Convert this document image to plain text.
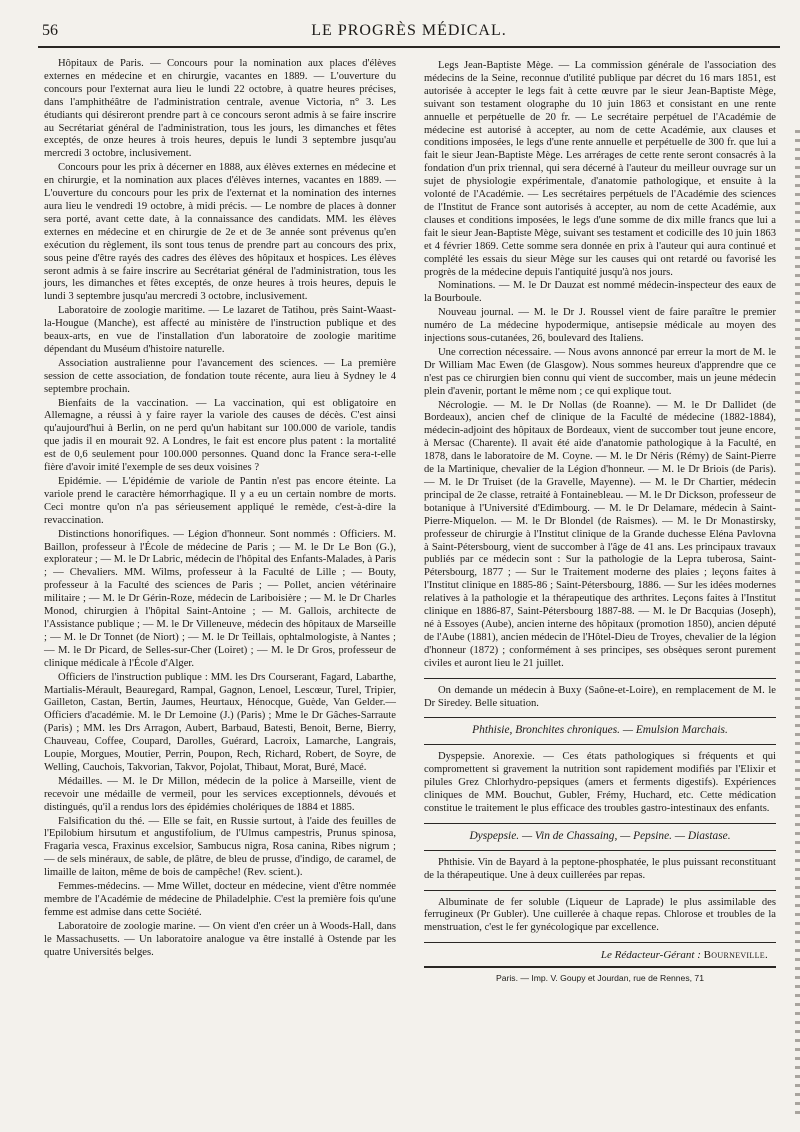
56	LE PROGRÈS MÉDICAL.

Hôpitaux de Paris. — Concours pour la nomination aux places d'élèves externes en médecine et en chirurgie, vacantes en 1889. — L'ouverture du concours pour l'externat aura lieu le lundi 22 octobre, à quatre heures précises, dans l'amphithéâtre de l'administration centrale, avenue Victoria, n° 3. Les étudiants qui désireront prendre part à ce concours seront admis à se faire inscrire au Secrétariat général de l'administration, tous les jours, les dimanches et fêtes exceptés, de onze heures à trois heures, depuis le lundi 3 septembre jusqu'au mercredi 3 octobre, inclusivement.

Concours pour les prix à décerner en 1888, aux élèves externes en médecine et en chirurgie, et la nomination aux places d'élèves internes, vacantes en 1889. — L'ouverture du concours pour les prix de l'externat et la nomination des internes aura lieu le vendredi 19 octobre, à midi précis. — Le nombre de places à donner sera porté, avant cette date, à la connaissance des candidats. MM. les élèves externes en médecine et en chirurgie de 2e et de 3e année sont prévenus qu'en exécution du règlement, ils sont tous tenus de prendre part au concours des prix, sous peine d'être rayés des cadres des élèves des hôpitaux et hospices. Les élèves seront admis à se faire inscrire au Secrétariat général de l'administration, tous les jours, les dimanches et fêtes exceptés, de onze heures à trois heures, depuis le lundi 3 septembre jusqu'au mercredi 3 octobre, inclusivement.

Laboratoire de zoologie maritime. — Le lazaret de Tatihou, près Saint-Waast-la-Hougue (Manche), est affecté au ministère de l'instruction publique et des beaux-arts, en vue de l'installation d'un laboratoire de zoologie maritime dépendant du Muséum d'histoire naturelle.

Association australienne pour l'avancement des sciences. — La première session de cette association, de fondation toute récente, aura lieu à Sydney le 4 septembre prochain.

Bienfaits de la vaccination. — La vaccination, qui est obligatoire en Allemagne, a réussi à y faire rayer la variole des causes de décès. C'est ainsi qu'aujourd'hui à Berlin, on ne perd qu'un habitant sur 100.000 de variole, tandis que jadis il en mourait 92. A Londres, le fait est encore plus patent : la mortalité est de 0,6 seulement pour 100.000 personnes. Quand donc la France sera-t-elle fière d'avoir imité l'exemple de ses deux voisines ?

Epidémie. — L'épidémie de variole de Pantin n'est pas encore éteinte. La variole prend le caractère hémorrhagique. Il y a eu un certain nombre de morts. Ceci montre qu'on n'a pas sérieusement appliqué le remède, c'est-à-dire la revaccination.

Distinctions honorifiques. — Légion d'honneur. Sont nommés : Officiers. M. Baillon, professeur à l'École de médecine de Paris ; — M. le Dr Le Bon (G.), explorateur ; — M. le Dr Labric, médecin de l'hôpital des Enfants-Malades, à Paris ; — Chevaliers. MM. Wilms, professeur à la Faculté de Lille ; — Bouty, professeur à la Faculté des sciences de Paris ; — Pollet, ancien vétérinaire militaire ; — M. le Dr Gérin-Roze, médecin de Lariboisière ; — M. le Dr Charles Monod, chirurgien à l'hôpital Saint-Antoine ; — M. Gallois, architecte de l'Assistance publique ; — M. le Dr Villeneuve, médecin des hôpitaux de Marseille ; — M. le Dr Tonnet (de Niort) ; — M. le Dr Teillais, ophtalmologiste, à Nantes ; — M. le Dr Picard, de Selles-sur-Cher (Loiret) ; — M. le Dr Gros, professeur de clinique médicale à l'École d'Alger.

Officiers de l'instruction publique : MM. les Drs Courserant, Fagard, Labarthe, Martialis-Mérault, Beauregard, Rampal, Gagnon, Lenoel, Lescœur, Turel, Tripier, Gailleton, Castan, Bertin, Jaumes, Heurtaux, Hénocque, Guède, Van Gelder.— Officiers d'académie. M. le Dr Lemoine (J.) (Paris) ; Mme le Dr Gâches-Sarraute (Paris) ; MM. les Drs Arragon, Aubert, Barbaud, Batesti, Benoit, Berne, Bierry, Chauveau, Coffee, Coupard, Darolles, Guérard, Lacroix, Lamarche, Langrais, Loupie, Morgues, Moutier, Perrin, Poupon, Rech, Richard, Robert, de Soyre, de Welling, Cauchois, Takvorian, Takvor, Pojolat, Thibaut, Morat, Buré, Macé.

Médailles. — M. le Dr Millon, médecin de la police à Marseille, vient de recevoir une médaille de vermeil, pour les services exceptionnels, dévoués et distingués, qu'il a rendus lors des épidémies cholériques de 1884 et 1885.

Falsification du thé. — Elle se fait, en Russie surtout, à l'aide des feuilles de l'Epilobium hirsutum et angustifolium, de l'Ulmus campestris, Prunus spinosa, Fragaria vesca, Fraxinus excelsior, Sambucus nigra, Rosa canina, Ribes nigrum ; — de sels minéraux, de sable, de plâtre, de bleu de prusse, d'indigo, de caramel, de limaille de laiton, même de bois de campêche! (Rev. scient.).

Femmes-médecins. — Mme Willet, docteur en médecine, vient d'être nommée membre de l'Académie de médecine de Philadelphie. C'est la première fois qu'une femme est admise dans cette Société.

Laboratoire de zoologie marine. — On vient d'en créer un à Woods-Hall, dans le Massachusetts. — Un laboratoire analogue va être installé à Ostende par les quatre Universités belges.

Legs Jean-Baptiste Mège. — La commission générale de l'association des médecins de la Seine, reconnue d'utilité publique par décret du 16 mars 1851, est autorisée à accepter le legs fait à cette œuvre par le sieur Jean-Baptiste Mège, suivant son testament olographe du 10 juin 1863 et consistant en une rente annuelle et perpétuelle de 20 fr. — Le secrétaire perpétuel de l'Académie de médecine est autorisé à accepter, au nom de cette Académie, aux clauses et conditions imposées, le legs d'une rente annuelle et perpétuelle de 300 fr. que lui a fait le sieur Jean-Baptiste Mège. Les arrérages de cette rente seront consacrés à la fondation d'un prix triennal, qui sera décerné à l'auteur du meilleur ouvrage sur un sujet de physiologie expérimentale, d'anatomie pathologique, et ensuite à la volonté de l'Académie. — Les secrétaires perpétuels de l'Académie des sciences de l'Institut de France sont autorisés à accepter, au nom de cette Académie, aux clauses et conditions imposées, le legs d'une somme de dix mille francs que lui a fait le sieur Jean-Baptiste Mège, suivant ses testament et codicille des 10 juin 1863 et 4 février 1869. Cette somme sera donnée en prix à l'auteur qui aura continué et complété les essais du sieur Mège sur les causes qui ont retardé ou favorisé les progrès de la médecine depuis l'antiquité jusqu'à nos jours.

Nominations. — M. le Dr Dauzat est nommé médecin-inspecteur des eaux de la Bourboule.

Nouveau journal. — M. le Dr J. Roussel vient de faire paraître le premier numéro de La médecine hypodermique, antisepsie médicale au moyen des injections sous-cutanées, 26, boulevard des Italiens.

Une correction nécessaire. — Nous avons annoncé par erreur la mort de M. le Dr William Mac Ewen (de Glasgow). Nous sommes heureux d'apprendre que ce n'est pas ce chirurgien bien connu qui vient de succomber, mais un jeune médecin plein d'avenir, portant le même nom ; ce qui explique tout.

Nécrologie. — M. le Dr Nollas (de Roanne). — M. le Dr Dallidet (de Bordeaux), ancien chef de clinique de la Faculté de médecine (1882-1884), médecin-adjoint des hôpitaux de Bordeaux, vient de succomber tout jeune encore, à Mersac (Charente). Il avait été aide d'anatomie pathologique à la Faculté, en 1878, dans le laboratoire de M. Coyne. — M. le Dr Néris (Rémy) de Saint-Pierre de la Martinique, chevalier de la Légion d'honneur. — M. le Dr Briois (de Paris). — M. le Dr Truiset (de la Gravelle, Mayenne). — M. le Dr Chartier, médecin principal de 2e classe, retraité à Fontainebleau. — M. le Dr Dickson, professeur de botanique à l'Université d'Edimbourg. — M. le Dr Delamare, médecin à Saint-Pierre-Miquelon. — M. le Dr Blondel (de Raismes). — M. le Dr Monastirsky, professeur de chirurgie à l'Institut clinique de la Grande duchesse Eléna Pavlovna à Saint-Pétersbourg, vient de succomber à l'âge de 41 ans. Les principaux travaux publiés par ce médecin sont : Sur la pathologie de la Lepra tuberosa, Saint-Pétersbourg, 1877 ; — Sur le Traitement moderne des plaies ; leçons faites à l'Institut clinique en 1885-86 ; Saint-Pétersbourg, 1886. — Sur les idées modernes relatives à la pathologie et la thérapeutique des arthrites. Leçons faites à l'Institut clinique en 1886-87, Saint-Pétersbourg 1887-88. — M. le Dr Bacquias (Joseph), né à Essoyes (Aube), ancien interne des hôpitaux (promotion 1850), ancien député de l'Aube (1881), ancien médecin de l'Hôtel-Dieu de Troyes, chevalier de la légion d'honneur (1872) ; conformément à ses principes, ses obsèques seront purement civiles et auront lieu le 21 juillet.

On demande un médecin à Buxy (Saône-et-Loire), en remplacement de M. le Dr Siredey. Belle situation.

Phthisie, Bronchites chroniques. — Emulsion Marchais.

Dyspepsie. Anorexie. — Ces états pathologiques si fréquents et qui compromettent si gravement la nutrition sont rapidement modifiés par l'Elixir et pilules Grez Chlorhydro-pepsiques (amers et ferments digestifs). Expériences cliniques de MM. Bouchut, Gubler, Frémy, Huchard, etc. Cette médication constitue le traitement le plus efficace des troubles gastro-intestinaux des enfants.

Dyspepsie. — Vin de Chassaing, — Pepsine. — Diastase.

Phthisie. Vin de Bayard à la peptone-phosphatée, le plus puissant reconstituant de la thérapeutique. Une à deux cuillerées par repas.

Albuminate de fer soluble (Liqueur de Laprade) le plus assimilable des ferrugineux (Pr Gubler). Une cuillerée à chaque repas. Chlorose et troubles de la menstruation, c'est le fer gynécologique par excellence.

Le Rédacteur-Gérant : Bourneville.
Paris. — Imp. V. Goupy et Jourdan, rue de Rennes, 71
